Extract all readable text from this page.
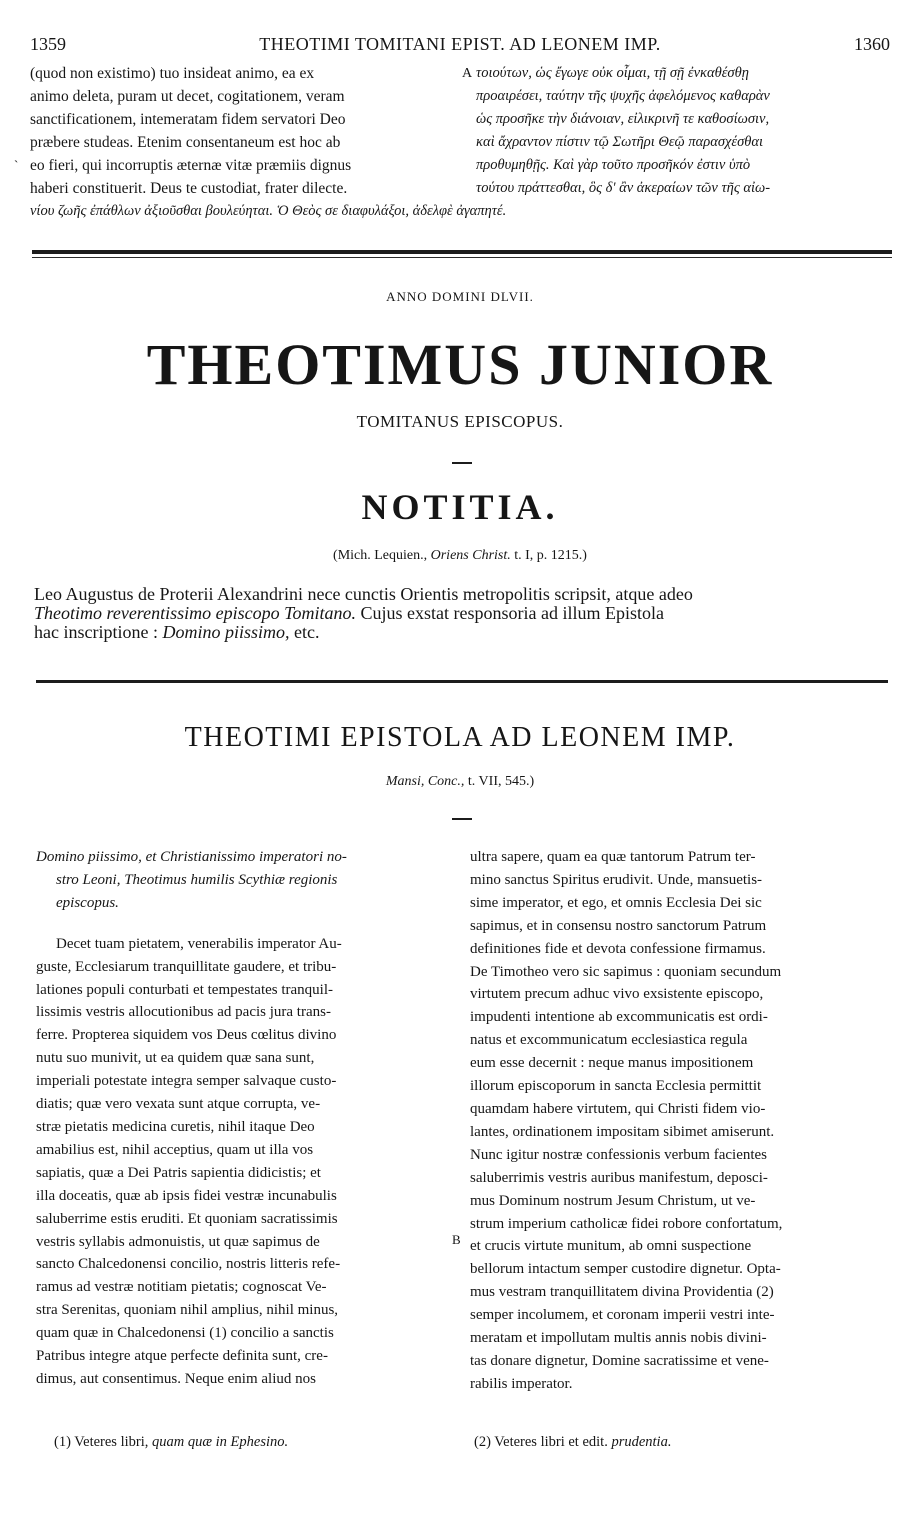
1359	THEOTIMI TOMITANI EPIST. AD LEONEM IMP.	1360
(quod non existimo) tuo insideat animo, ea ex
animo deleta, puram ut decet, cogitationem, veram
sanctificationem, intemeratam fidem servatori Deo
præbere studeas. Etenim consentaneum est hoc ab
eo fieri, qui incorruptis æternæ vitæ præmiis dignus
haberi constituerit. Deus te custodiat, frater dilecte.
A τοιούτων, ὡς ἔγωγε οὐκ οἶμαι, τῇ σῇ ἐνκαθέσθῃ
προαιρέσει, ταύτην τῆς ψυχῆς ἀφελόμενος καθαρὰν
ὡς προσῆκε τὴν διάνοιαν, εἰλικρινῆ τε καθοσίωσιν,
καὶ ἄχραντον πίστιν τῷ Σωτῆρι Θεῷ παρασχέσθαι
προθυμηθῇς. Καὶ γὰρ τοῦτο προσῆκόν ἐστιν ὑπὸ
τούτου πράττεσθαι, ὃς δ' ἂν ἀκεραίων τῶν τῆς αἰω-
νίου ζωῆς ἐπάθλων ἀξιοῦσθαι βουλεύηται. Ὁ Θεὸς σε διαφυλάξοι, ἀδελφὲ ἀγαπητέ.
ˏ
ANNO DOMINI DLVII.
THEOTIMUS JUNIOR
TOMITANUS EPISCOPUS.
NOTITIA.
(Mich. Lequien., Oriens Christ. t. I, p. 1215.)
Leo Augustus de Proterii Alexandrini nece cunctis Orientis metropolitis scripsit, atque adeo
Theotimo reverentissimo episcopo Tomitano. Cujus exstat responsoria ad illum Epistola
hac inscriptione : Domino piissimo, etc.
THEOTIMI EPISTOLA AD LEONEM IMP.
Mansi, Conc., t. VII, 545.)
Domino piissimo, et Christianissimo imperatori no-
stro Leoni, Theotimus humilis Scythiæ regionis
episcopus.
Decet tuam pietatem, venerabilis imperator Au-
guste, Ecclesiarum tranquillitate gaudere, et tribu-
lationes populi conturbati et tempestates tranquil-
lissimis vestris allocutionibus ad pacis jura trans-
ferre. Propterea siquidem vos Deus cœlitus divino
nutu suo munivit, ut ea quidem quæ sana sunt,
imperiali potestate integra semper salvaque custo-
diatis; quæ vero vexata sunt atque corrupta, ve-
stræ pietatis medicina curetis, nihil itaque Deo
amabilius est, nihil acceptius, quam ut illa vos
sapiatis, quæ a Dei Patris sapientia didicistis; et
illa doceatis, quæ ab ipsis fidei vestræ incunabulis
saluberrime estis eruditi. Et quoniam sacratissimis
vestris syllabis admonuistis, ut quæ sapimus de
sancto Chalcedonensi concilio, nostris litteris refe-
ramus ad vestræ notitiam pietatis; cognoscat Ve-
stra Serenitas, quoniam nihil amplius, nihil minus,
quam quæ in Chalcedonensi (1) concilio a sanctis
Patribus integre atque perfecte definita sunt, cre-
dimus, aut consentimus. Neque enim aliud nos
B
ultra sapere, quam ea quæ tantorum Patrum ter-
mino sanctus Spiritus erudivit. Unde, mansuetis-
sime imperator, et ego, et omnis Ecclesia Dei sic
sapimus, et in consensu nostro sanctorum Patrum
definitiones fide et devota confessione firmamus.
De Timotheo vero sic sapimus : quoniam secundum
virtutem precum adhuc vivo exsistente episcopo,
impudenti intentione ab excommunicatis est ordi-
natus et excommunicatum ecclesiastica regula
eum esse decernit : neque manus impositionem
illorum episcoporum in sancta Ecclesia permittit
quamdam habere virtutem, qui Christi fidem vio-
lantes, ordinationem impositam sibimet amiserunt.
Nunc igitur nostræ confessionis verbum facientes
saluberrimis vestris auribus manifestum, deposci-
mus Dominum nostrum Jesum Christum, ut ve-
strum imperium catholicæ fidei robore confortatum,
et crucis virtute munitum, ab omni suspectione
bellorum intactum semper custodire dignetur. Opta-
mus vestram tranquillitatem divina Providentia (2)
semper incolumem, et coronam imperii vestri inte-
meratam et impollutam multis annis nobis divini-
tas donare dignetur, Domine sacratissime et vene-
rabilis imperator.
(1) Veteres libri, quam quæ in Ephesino.	(2) Veteres libri et edit. prudentia.
